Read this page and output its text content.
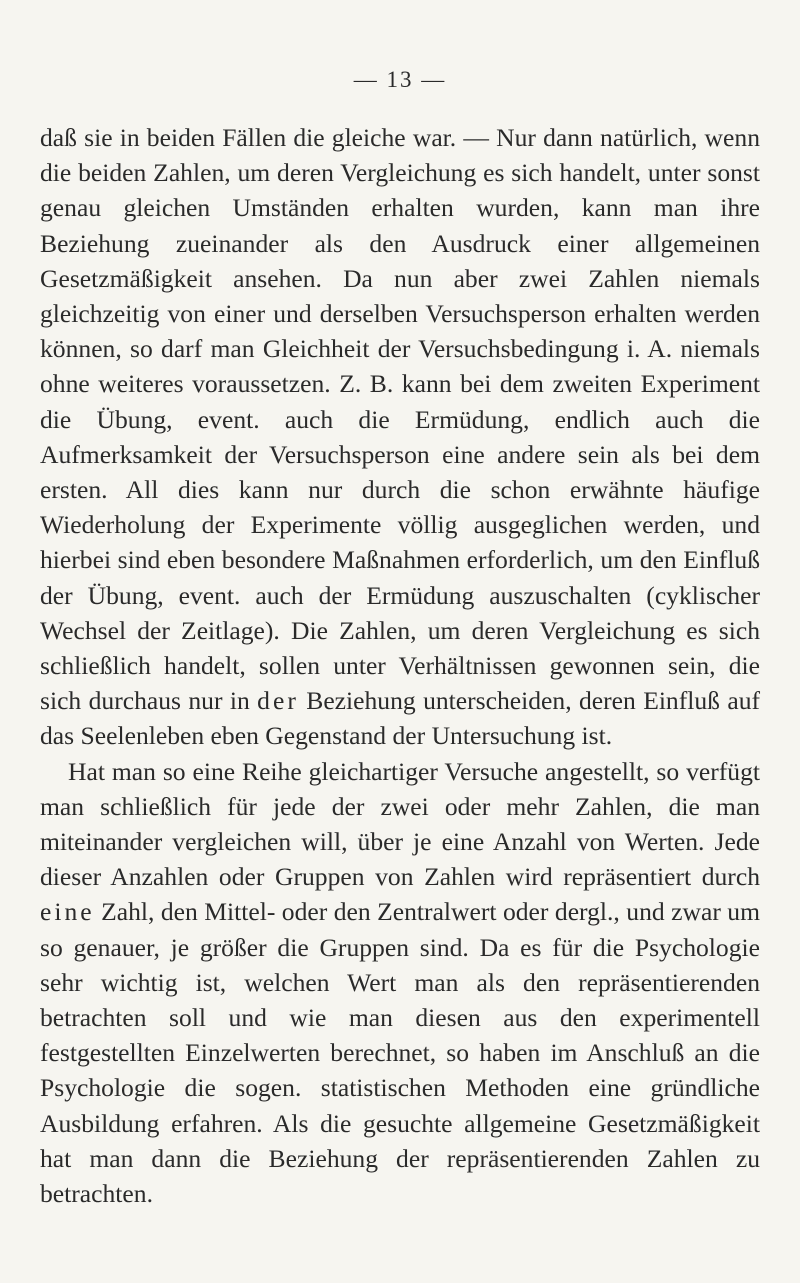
— 13 —

daß sie in beiden Fällen die gleiche war. — Nur dann natürlich, wenn die beiden Zahlen, um deren Vergleichung es sich handelt, unter sonst genau gleichen Umständen erhalten wurden, kann man ihre Beziehung zueinander als den Ausdruck einer allgemeinen Gesetzmäßigkeit ansehen. Da nun aber zwei Zahlen niemals gleichzeitig von einer und derselben Versuchsperson erhalten werden können, so darf man Gleichheit der Versuchsbedingung i. A. niemals ohne weiteres voraussetzen. Z. B. kann bei dem zweiten Experiment die Übung, event. auch die Ermüdung, endlich auch die Aufmerksamkeit der Versuchsperson eine andere sein als bei dem ersten. All dies kann nur durch die schon erwähnte häufige Wiederholung der Experimente völlig ausgeglichen werden, und hierbei sind eben besondere Maßnahmen erforderlich, um den Einfluß der Übung, event. auch der Ermüdung auszuschalten (cyklischer Wechsel der Zeitlage). Die Zahlen, um deren Vergleichung es sich schließlich handelt, sollen unter Verhältnissen gewonnen sein, die sich durchaus nur in der Beziehung unterscheiden, deren Einfluß auf das Seelenleben eben Gegenstand der Untersuchung ist.

Hat man so eine Reihe gleichartiger Versuche angestellt, so verfügt man schließlich für jede der zwei oder mehr Zahlen, die man miteinander vergleichen will, über je eine Anzahl von Werten. Jede dieser Anzahlen oder Gruppen von Zahlen wird repräsentiert durch eine Zahl, den Mittel- oder den Zentralwert oder dergl., und zwar um so genauer, je größer die Gruppen sind. Da es für die Psychologie sehr wichtig ist, welchen Wert man als den repräsentierenden betrachten soll und wie man diesen aus den experimentell festgestellten Einzelwerten berechnet, so haben im Anschluß an die Psychologie die sogen. statistischen Methoden eine gründliche Ausbildung erfahren. Als die gesuchte allgemeine Gesetzmäßigkeit hat man dann die Beziehung der repräsentierenden Zahlen zu betrachten.
